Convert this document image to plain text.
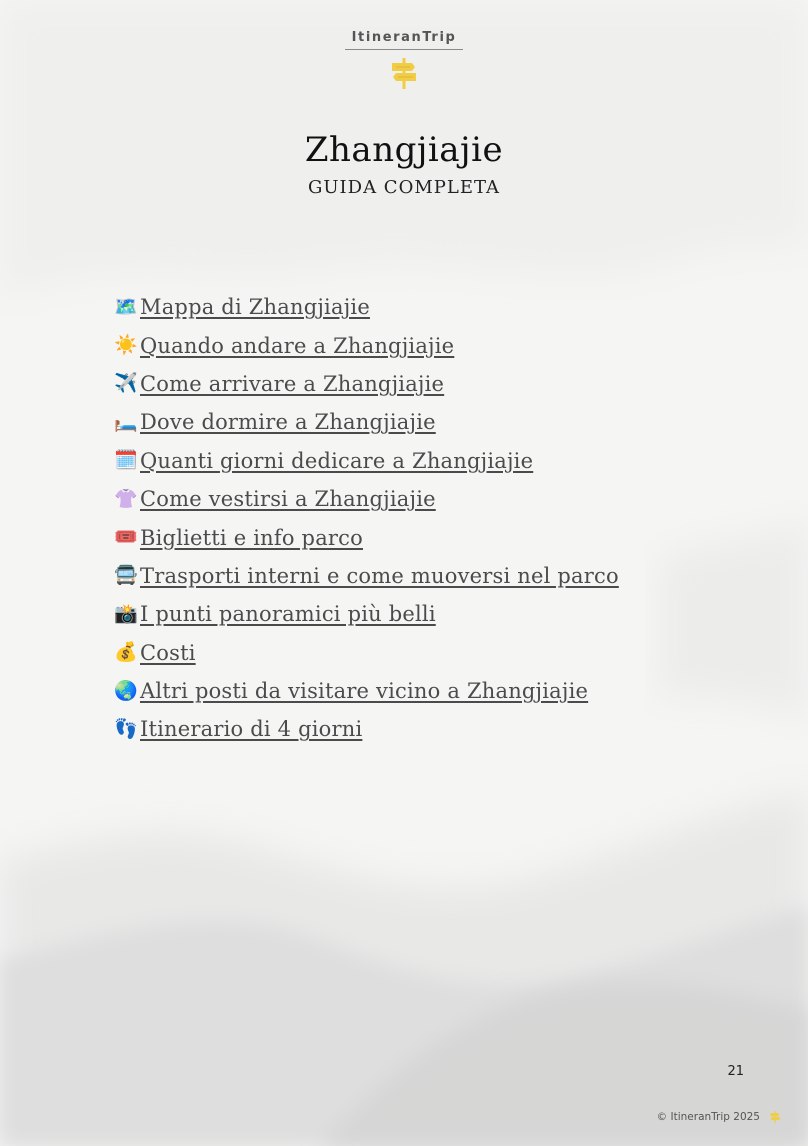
ItineranTrip
Zhangjiajie
GUIDA COMPLETA
🗺️ Mappa di Zhangjiajie
☀️ Quando andare a Zhangjiajie
✈️ Come arrivare a Zhangjiajie
🛏️ Dove dormire a Zhangjiajie
🗓️ Quanti giorni dedicare a Zhangjiajie
👚 Come vestirsi a Zhangjiajie
🎟️ Biglietti e info parco
🚍 Trasporti interni e come muoversi nel parco
📸 I punti panoramici più belli
💰 Costi
🌏 Altri posti da visitare vicino a Zhangjiajie
👣 Itinerario di 4 giorni
21
© ItineranTrip 2025
